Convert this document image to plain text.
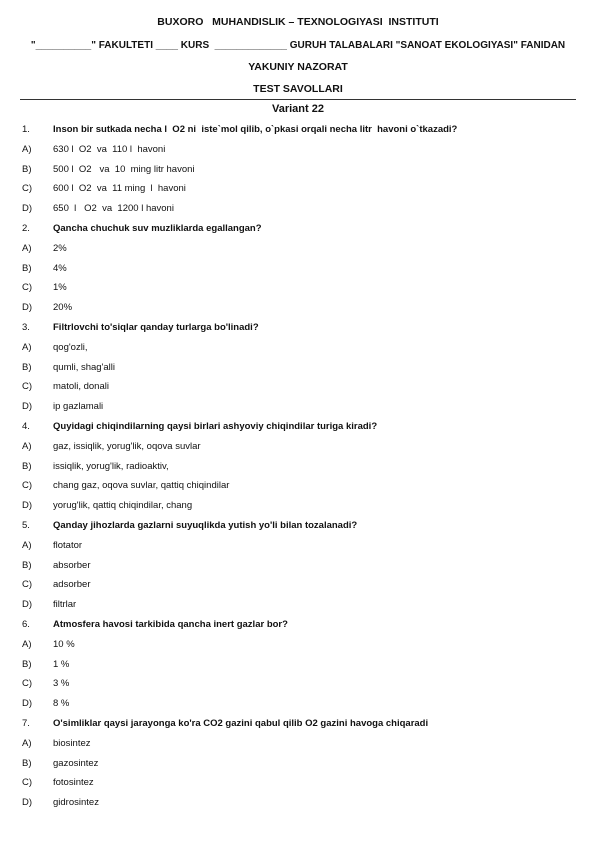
BUXORO   MUHANDISLIK – TEXNOLOGIYASI  INSTITUTI
"__________" FAKULTETI ____ KURS  _____________ GURUH TALABALARI "SANOAT EKOLOGIYASI" FANIDAN
YAKUNIY NAZORAT
TEST SAVOLLARI
Variant 22
1. Inson bir sutkada necha l  O2 ni  iste`mol qilib, o`pkasi orqali necha litr  havoni o`tkazadi?
A) 630 l  O2  va  110 l  havoni
B) 500 l  O2   va  10  ming litr havoni
C) 600 l  O2  va  11 ming  l  havoni
D) 650  l   O2  va  1200 l havoni
2. Qancha chuchuk suv muzliklarda egallangan?
A) 2%
B) 4%
C) 1%
D) 20%
3. Filtrlovchi to'siqlar qanday turlarga bo'linadi?
A) qog'ozli,
B) qumli, shag'alli
C) matoli, donali
D) ip gazlamali
4. Quyidagi chiqindilarning qaysi birlari ashyoviy chiqindilar turiga kiradi?
A) gaz, issiqlik, yorug'lik, oqova suvlar
B) issiqlik, yorug'lik, radioaktiv,
C) chang gaz, oqova suvlar, qattiq chiqindilar
D) yorug'lik, qattiq chiqindilar, chang
5. Qanday jihozlarda gazlarni suyuqlikda yutish yo'li bilan tozalanadi?
A) flotator
B) absorber
C) adsorber
D) filtrlar
6. Atmosfera havosi tarkibida qancha inert gazlar bor?
A) 10 %
B) 1 %
C) 3 %
D) 8 %
7. O'simliklar qaysi jarayonga ko'ra CO2 gazini qabul qilib O2 gazini havoga chiqaradi
A) biosintez
B) gazosintez
C) fotosintez
D) gidrosintez
